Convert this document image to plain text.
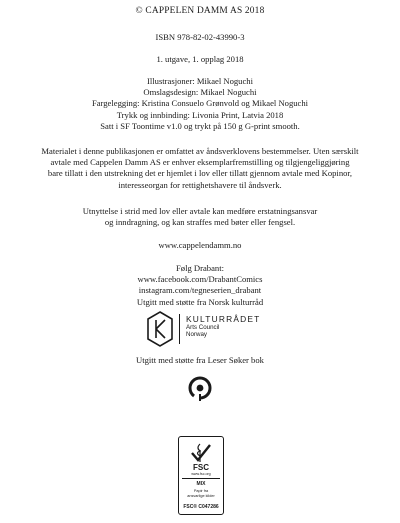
© CAPPELEN DAMM AS 2018
ISBN 978-82-02-43990-3
1. utgave, 1. opplag 2018
Illustrasjoner: Mikael Noguchi
Omslagsdesign: Mikael Noguchi
Fargelegging: Kristina Consuelo Grønvold og Mikael Noguchi
Trykk og innbinding: Livonia Print, Latvia 2018
Satt i SF Toontime v1.0 og trykt på 150 g G-print smooth.
Materialet i denne publikasjonen er omfattet av åndsverklovens bestemmelser. Uten særskilt
avtale med Cappelen Damm AS er enhver eksemplarfremstilling og tilgjengeliggjøring
bare tillatt i den utstrekning det er hjemlet i lov eller tillatt gjennom avtale med Kopinor,
interesseorgan for rettighetshavere til åndsverk.
Utnyttelse i strid med lov eller avtale kan medføre erstatningsansvar
og inndragning, og kan straffes med bøter eller fengsel.
www.cappelendamm.no
Følg Drabant:
www.facebook.com/DrabantComics
instagram.com/tegneserien_drabant
Utgitt med støtte fra Norsk kulturråd
KULTURRÅDET
Arts Council
Norway
Utgitt med støtte fra Leser Søker bok
FSC
www.fsc.org
MIX
Papir fra
ansvarlige kilder
FSC® C047286
